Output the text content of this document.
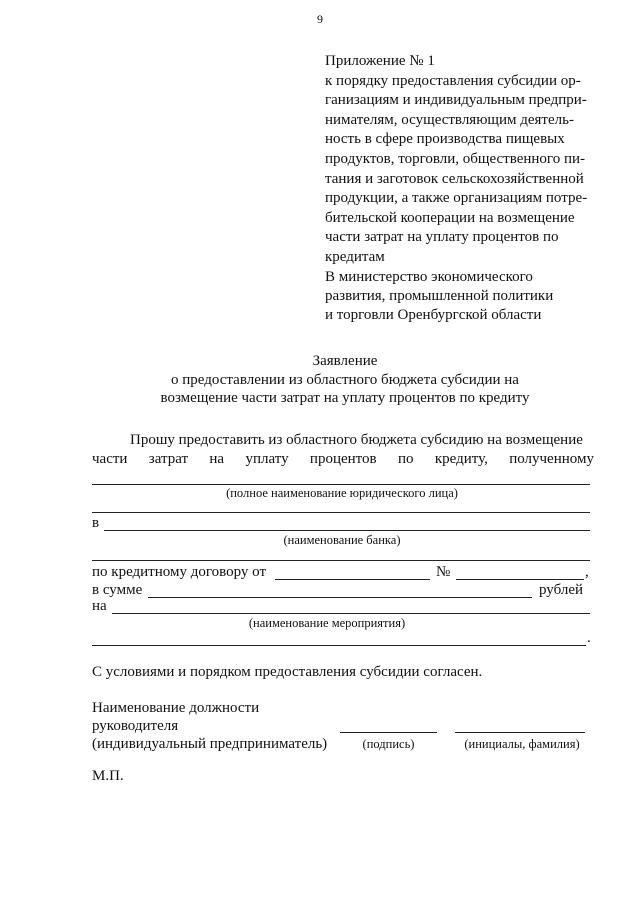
9
Приложение № 1
к порядку предоставления субсидии ор-
ганизациям и индивидуальным предпри-
нимателям, осуществляющим деятель-
ность в сфере производства пищевых
продуктов, торговли, общественного пи-
тания и заготовок сельскохозяйственной
продукции, а также организациям потре-
бительской кооперации на возмещение
части затрат на уплату процентов по
кредитам
В министерство экономического
развития, промышленной политики
и торговли Оренбургской области
Заявление
о предоставлении из областного бюджета субсидии на
возмещение части затрат на уплату процентов по кредиту
Прошу предоставить из областного бюджета субсидию на возмещение
части затрат на уплату процентов по кредиту, полученному
(полное наименование юридического лица)
в
(наименование банка)
по кредитному договору от	№	,
в сумме	рублей
на
(наименование мероприятия)
.
С условиями и порядком предоставления субсидии согласен.
Наименование должности
руководителя
(индивидуальный предприниматель)	(подпись)	(инициалы, фамилия)
М.П.
